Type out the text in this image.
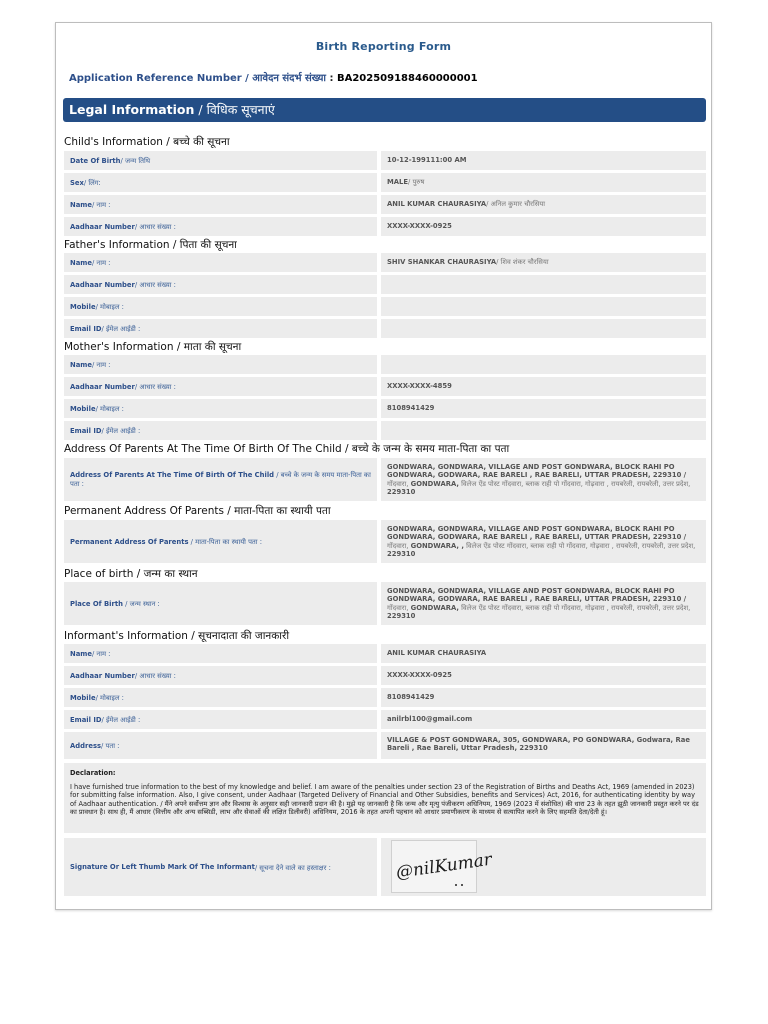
Birth Reporting Form
Application Reference Number / आवेदन संदर्भ संख्या : BA202509188460000001
Legal Information / विधिक सूचनाएं
Child's Information / बच्चे की सूचना
Date Of Birth / जन्म तिथि	10-12-199111:00 AM
Sex / लिंग:	MALE / पुरुष
Name / नाम :	ANIL KUMAR CHAURASIYA / अनिल कुमार चौरसिया
Aadhaar Number / आधार संख्या :	XXXX-XXXX-0925
Father's Information / पिता की सूचना
Name / नाम :	SHIV SHANKAR CHAURASIYA / शिव शंकर चौरसिया
Aadhaar Number / आधार संख्या :
Mobile / मोबाइल :
Email ID / ईमेल आईडी :
Mother's Information / माता की सूचना
Name / नाम :
Aadhaar Number / आधार संख्या :	XXXX-XXXX-4859
Mobile / मोबाइल :	8108941429
Email ID / ईमेल आईडी :
Address Of Parents At The Time Of Birth Of The Child / बच्चे के जन्म के समय माता-पिता का पता
Address Of Parents At The Time Of Birth Of The Child / बच्चे के जन्म के समय माता-पिता का पता :
GONDWARA, GONDWARA, VILLAGE AND POST GONDWARA, BLOCK RAHI PO GONDWARA, GODWARA, RAE BARELI , RAE BARELI, UTTAR PRADESH, 229310 / गोंदवारा, GONDWARA, विलेज ऐंड पोस्ट गोंदवारा, ब्लाक राही पो गोंदवारा, गोढ़वारा , रायबरेली, रायबरेली, उत्तर प्रदेश, 229310
Permanent Address Of Parents / माता-पिता का स्थायी पता
Permanent Address Of Parents / माता-पिता का स्थायी पता :
GONDWARA, GONDWARA, VILLAGE AND POST GONDWARA, BLOCK RAHI PO GONDWARA, GODWARA, RAE BARELI , RAE BARELI, UTTAR PRADESH, 229310 / गोंदवारा, GONDWARA, , विलेज ऐंड पोस्ट गोंदवारा, ब्लाक राही पो गोंदवारा, गोढ़वारा , रायबरेली, रायबरेली, उत्तर प्रदेश, 229310
Place of birth / जन्म का स्थान
Place Of Birth / जन्म स्थान :
GONDWARA, GONDWARA, VILLAGE AND POST GONDWARA, BLOCK RAHI PO GONDWARA, GODWARA, RAE BARELI , RAE BARELI, UTTAR PRADESH, 229310 / गोंदवारा, GONDWARA, विलेज ऐंड पोस्ट गोंदवारा, ब्लाक राही पो गोंदवारा, गोढ़वारा , रायबरेली, रायबरेली, उत्तर प्रदेश, 229310
Informant's Information / सूचनादाता की जानकारी
Name / नाम :	ANIL KUMAR CHAURASIYA
Aadhaar Number / आधार संख्या :	XXXX-XXXX-0925
Mobile / मोबाइल :	8108941429
Email ID / ईमेल आईडी :	anilrbl100@gmail.com
Address / पता :
VILLAGE & POST GONDWARA, 305, GONDWARA, PO GONDWARA, Godwara, Rae Bareli , Rae Bareli, Uttar Pradesh, 229310
Declaration:
I have furnished true information to the best of my knowledge and belief. I am aware of the penalties under section 23 of the Registration of Births and Deaths Act, 1969 (amended in 2023) for submitting false information. Also, I give consent, under Aadhaar (Targeted Delivery of Financial and Other Subsidies, benefits and Services) Act, 2016, for authenticating identity by way of Aadhaar authentication. / मैंने अपने सर्वोत्तम ज्ञान और विश्वास के अनुसार सही जानकारी प्रदान की है। मुझे यह जानकारी है कि जन्म और मृत्यु पंजीकरण अधिनियम, 1969 (2023 में संशोधित) की धारा 23 के तहत झूठी जानकारी प्रस्तुत करने पर दंड का प्रावधान है। साथ ही, मैं आधार (वित्तीय और अन्य सब्सिडी, लाभ और सेवाओं की लक्षित डिलीवरी) अधिनियम, 2016 के तहत अपनी पहचान को आधार प्रमाणीकरण के माध्यम से सत्यापित करने के लिए सहमति देता/देती हूं।
Signature Or Left Thumb Mark Of The Informant / सूचना देने वाले का हस्ताक्षर :	@nilKumar
